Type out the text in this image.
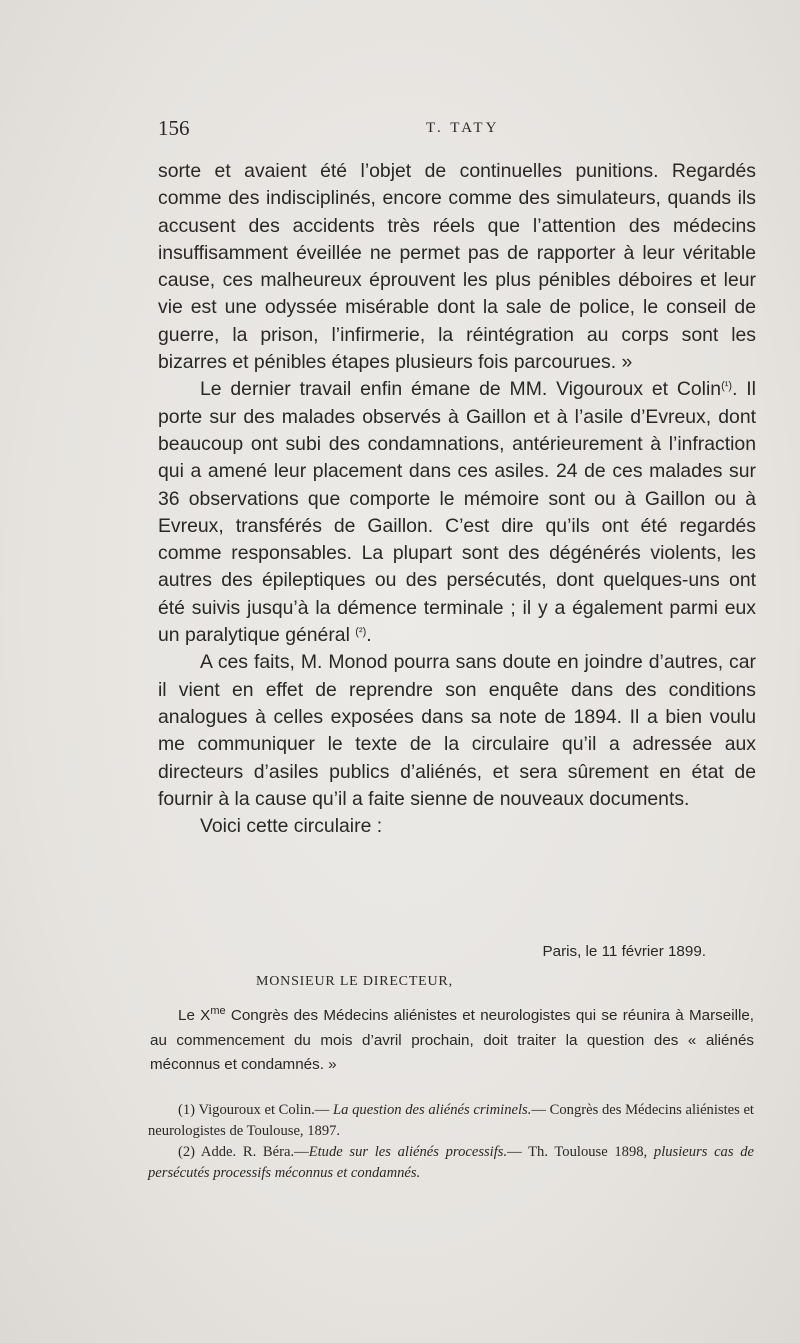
156	T. TATY

sorte et avaient été l’objet de continuelles punitions. Regardés comme des indisciplinés, encore comme des simulateurs, quands ils accusent des accidents très réels que l’attention des médecins insuffisamment éveillée ne permet pas de rapporter à leur véritable cause, ces malheureux éprouvent les plus pénibles déboires et leur vie est une odyssée misérable dont la sale de police, le conseil de guerre, la prison, l’infirmerie, la réintégration au corps sont les bizarres et pénibles étapes plusieurs fois parcourues. »

Le dernier travail enfin émane de MM. Vigouroux et Colin$^{(^1)}$. Il porte sur des malades observés à Gaillon et à l’asile d’Evreux, dont beaucoup ont subi des condamnations, antérieurement à l’infraction qui a amené leur placement dans ces asiles. 24 de ces malades sur 36 observations que comporte le mémoire sont ou à Gaillon ou à Evreux, transférés de Gaillon. C’est dire qu’ils ont été regardés comme responsables. La plupart sont des dégénérés violents, les autres des épileptiques ou des persécutés, dont quelques-uns ont été suivis jusqu’à la démence terminale ; il y a également parmi eux un paralytique général $^{(^2)}$.

A ces faits, M. Monod pourra sans doute en joindre d’autres, car il vient en effet de reprendre son enquête dans des conditions analogues à celles exposées dans sa note de 1894. Il a bien voulu me communiquer le texte de la circulaire qu’il a adressée aux directeurs d’asiles publics d’aliénés, et sera sûrement en état de fournir à la cause qu’il a faite sienne de nouveaux documents.

Voici cette circulaire :

Paris, le 11 février 1899.

MONSIEUR LE DIRECTEUR,

Le $X^{me}$ Congrès des Médecins aliénistes et neurologistes qui se réunira à Marseille, au commencement du mois d’avril prochain, doit traiter la question des « aliénés méconnus et condamnés. »

(1) Vigouroux et Colin.— La question des aliénés criminels.— Congrès des Médecins aliénistes et neurologistes de Toulouse, 1897.

(2) Adde. R. Béra.—Etude sur les aliénés processifs.— Th. Toulouse 1898, plusieurs cas de persécutés processifs méconnus et condamnés.
